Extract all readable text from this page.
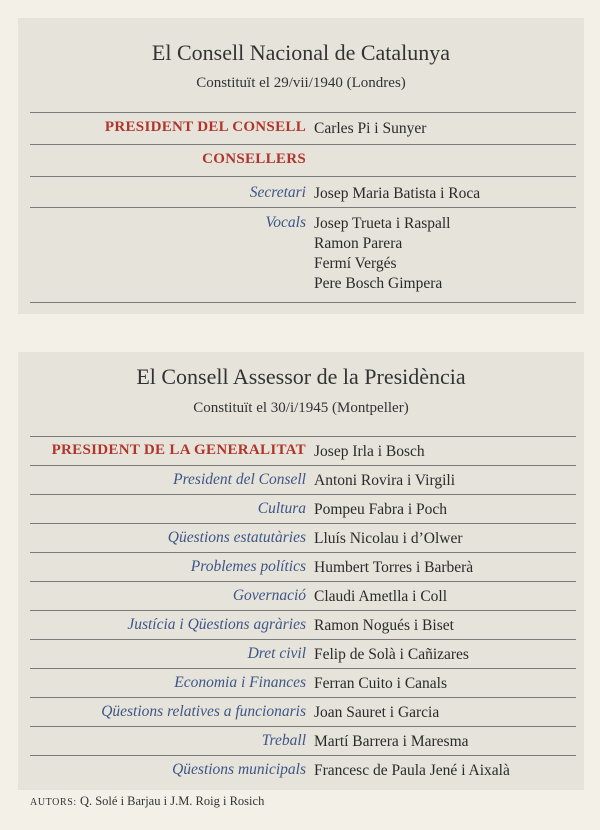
El Consell Nacional de Catalunya
Constituït el 29/vii/1940 (Londres)
PRESIDENT DEL CONSELL Carles Pi i Sunyer
CONSELLERS
Secretari Josep Maria Batista i Roca
Vocals Josep Trueta i Raspall
Ramon Parera
Fermí Vergés
Pere Bosch Gimpera
El Consell Assessor de la Presidència
Constituït el 30/i/1945 (Montpeller)
PRESIDENT DE LA GENERALITAT Josep Irla i Bosch
President del Consell Antoni Rovira i Virgili
Cultura Pompeu Fabra i Poch
Qüestions estatutàries Lluís Nicolau i d’Olwer
Problemes polítics Humbert Torres i Barberà
Governació Claudi Ametlla i Coll
Justícia i Qüestions agràries Ramon Nogués i Biset
Dret civil Felip de Solà i Cañizares
Economia i Finances Ferran Cuito i Canals
Qüestions relatives a funcionaris Joan Sauret i Garcia
Treball Martí Barrera i Maresma
Qüestions municipals Francesc de Paula Jené i Aixalà
AUTORS: Q. Solé i Barjau i J.M. Roig i Rosich
